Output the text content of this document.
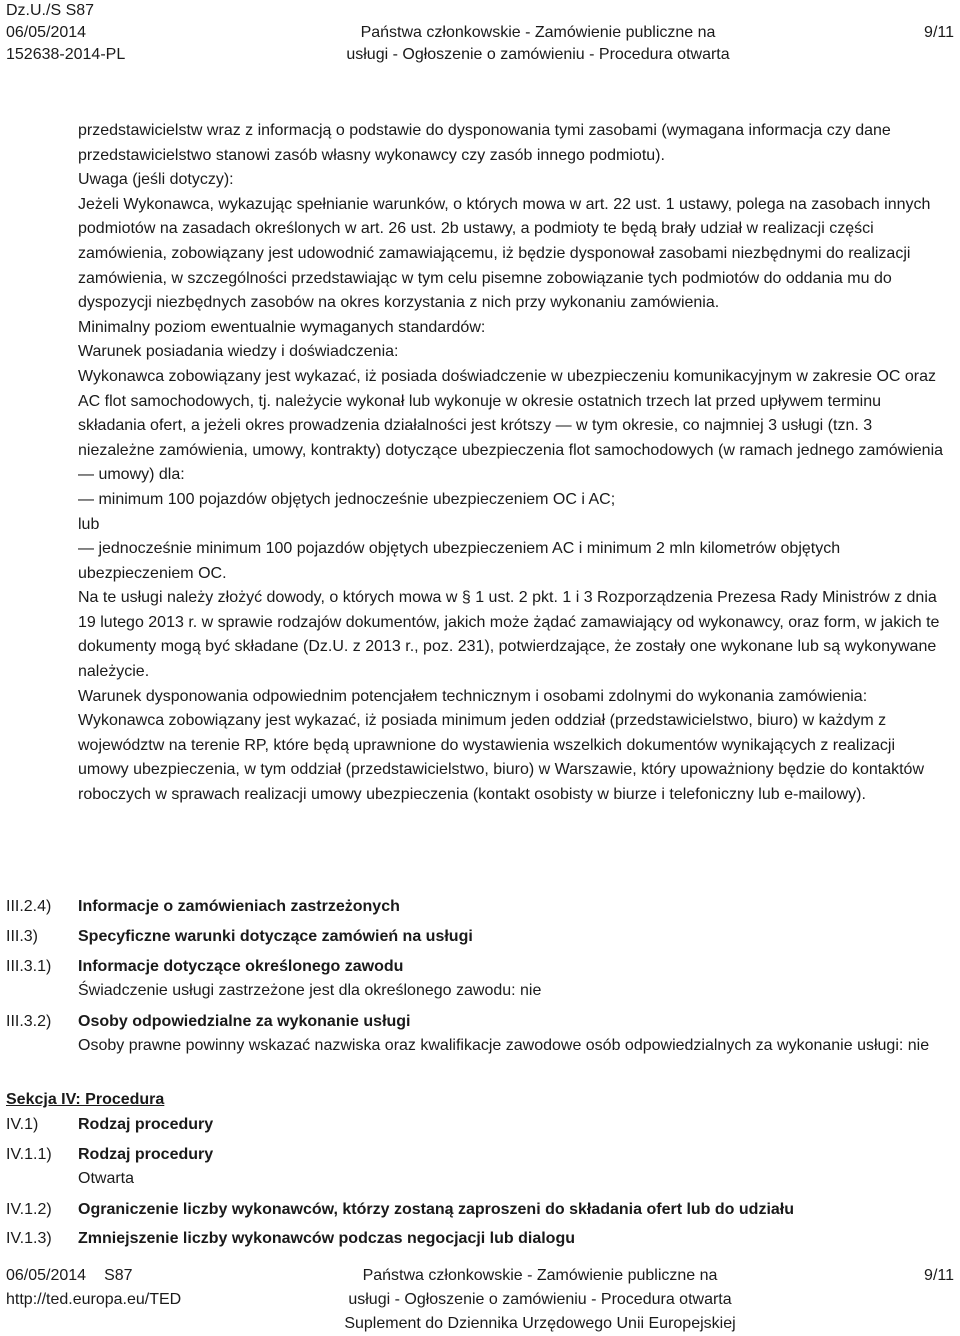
Dz.U./S S87
06/05/2014
152638-2014-PL
Państwa członkowskie - Zamówienie publiczne na
usługi - Ogłoszenie o zamówieniu - Procedura otwarta
9/11

przedstawicielstw wraz z informacją o podstawie do dysponowania tymi zasobami (wymagana informacja czy dane przedstawicielstwo stanowi zasób własny wykonawcy czy zasób innego podmiotu).

Uwaga (jeśli dotyczy):

Jeżeli Wykonawca, wykazując spełnianie warunków, o których mowa w art. 22 ust. 1 ustawy, polega na zasobach innych podmiotów na zasadach określonych w art. 26 ust. 2b ustawy, a podmioty te będą brały udział w realizacji części zamówienia, zobowiązany jest udowodnić zamawiającemu, iż będzie dysponował zasobami niezbędnymi do realizacji zamówienia, w szczególności przedstawiając w tym celu pisemne zobowiązanie tych podmiotów do oddania mu do dyspozycji niezbędnych zasobów na okres korzystania z nich przy wykonaniu zamówienia.

Minimalny poziom ewentualnie wymaganych standardów:

Warunek posiadania wiedzy i doświadczenia:

Wykonawca zobowiązany jest wykazać, iż posiada doświadczenie w ubezpieczeniu komunikacyjnym w zakresie OC oraz AC flot samochodowych, tj. należycie wykonał lub wykonuje w okresie ostatnich trzech lat przed upływem terminu składania ofert, a jeżeli okres prowadzenia działalności jest krótszy — w tym okresie, co najmniej 3 usługi (tzn. 3 niezależne zamówienia, umowy, kontrakty) dotyczące ubezpieczenia flot samochodowych (w ramach jednego zamówienia — umowy) dla:

— minimum 100 pojazdów objętych jednocześnie ubezpieczeniem OC i AC;

lub

— jednocześnie minimum 100 pojazdów objętych ubezpieczeniem AC i minimum 2 mln kilometrów objętych ubezpieczeniem OC.

Na te usługi należy złożyć dowody, o których mowa w § 1 ust. 2 pkt. 1 i 3 Rozporządzenia Prezesa Rady Ministrów z dnia 19 lutego 2013 r. w sprawie rodzajów dokumentów, jakich może żądać zamawiający od wykonawcy, oraz form, w jakich te dokumenty mogą być składane (Dz.U. z 2013 r., poz. 231), potwierdzające, że zostały one wykonane lub są wykonywane należycie.

Warunek dysponowania odpowiednim potencjałem technicznym i osobami zdolnymi do wykonania zamówienia:

Wykonawca zobowiązany jest wykazać, iż posiada minimum jeden oddział (przedstawicielstwo, biuro) w każdym z województw na terenie RP, które będą uprawnione do wystawienia wszelkich dokumentów wynikających z realizacji umowy ubezpieczenia, w tym oddział (przedstawicielstwo, biuro) w Warszawie, który upoważniony będzie do kontaktów roboczych w sprawach realizacji umowy ubezpieczenia (kontakt osobisty w biurze i telefoniczny lub e-mailowy).

III.2.4) Informacje o zamówieniach zastrzeżonych
III.3) Specyficzne warunki dotyczące zamówień na usługi
III.3.1) Informacje dotyczące określonego zawodu
Świadczenie usługi zastrzeżone jest dla określonego zawodu: nie
III.3.2) Osoby odpowiedzialne za wykonanie usługi
Osoby prawne powinny wskazać nazwiska oraz kwalifikacje zawodowe osób odpowiedzialnych za wykonanie usługi: nie
Sekcja IV: Procedura
IV.1) Rodzaj procedury
IV.1.1) Rodzaj procedury
Otwarta
IV.1.2) Ograniczenie liczby wykonawców, którzy zostaną zaproszeni do składania ofert lub do udziału
IV.1.3) Zmniejszenie liczby wykonawców podczas negocjacji lub dialogu
06/05/2014 S87
http://ted.europa.eu/TED
Państwa członkowskie - Zamówienie publiczne na
usługi - Ogłoszenie o zamówieniu - Procedura otwarta
Suplement do Dziennika Urzędowego Unii Europejskiej
9/11
